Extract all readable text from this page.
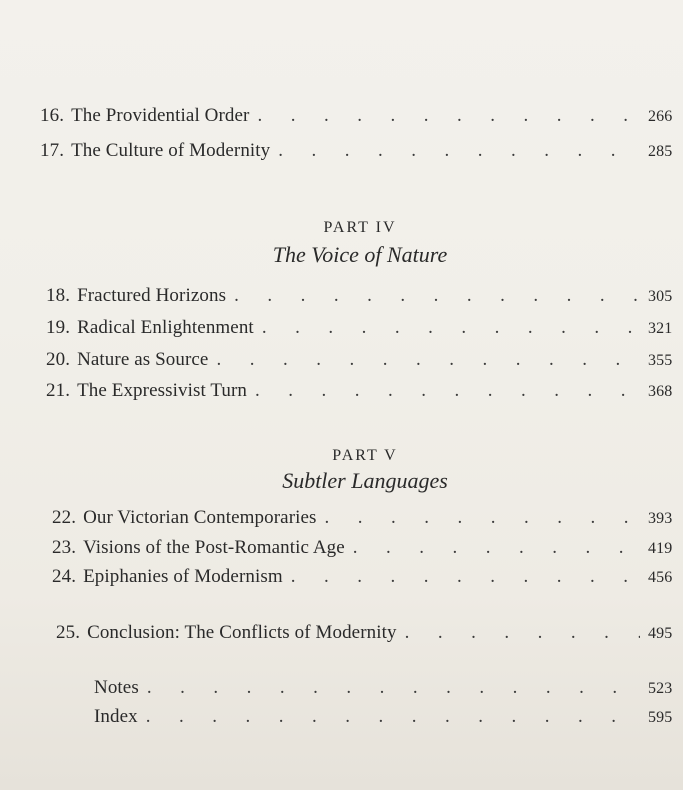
16. The Providential Order .	266
17. The Culture of Modernity .	285
PART IV
The Voice of Nature
18. Fractured Horizons .	305
19. Radical Enlightenment .	321
20. Nature as Source .	355
21. The Expressivist Turn .	368
PART V
Subtler Languages
22. Our Victorian Contemporaries .	393
23. Visions of the Post-Romantic Age .	419
24. Epiphanies of Modernism .	456
25. Conclusion: The Conflicts of Modernity .	495
Notes .	523
Index .	595
